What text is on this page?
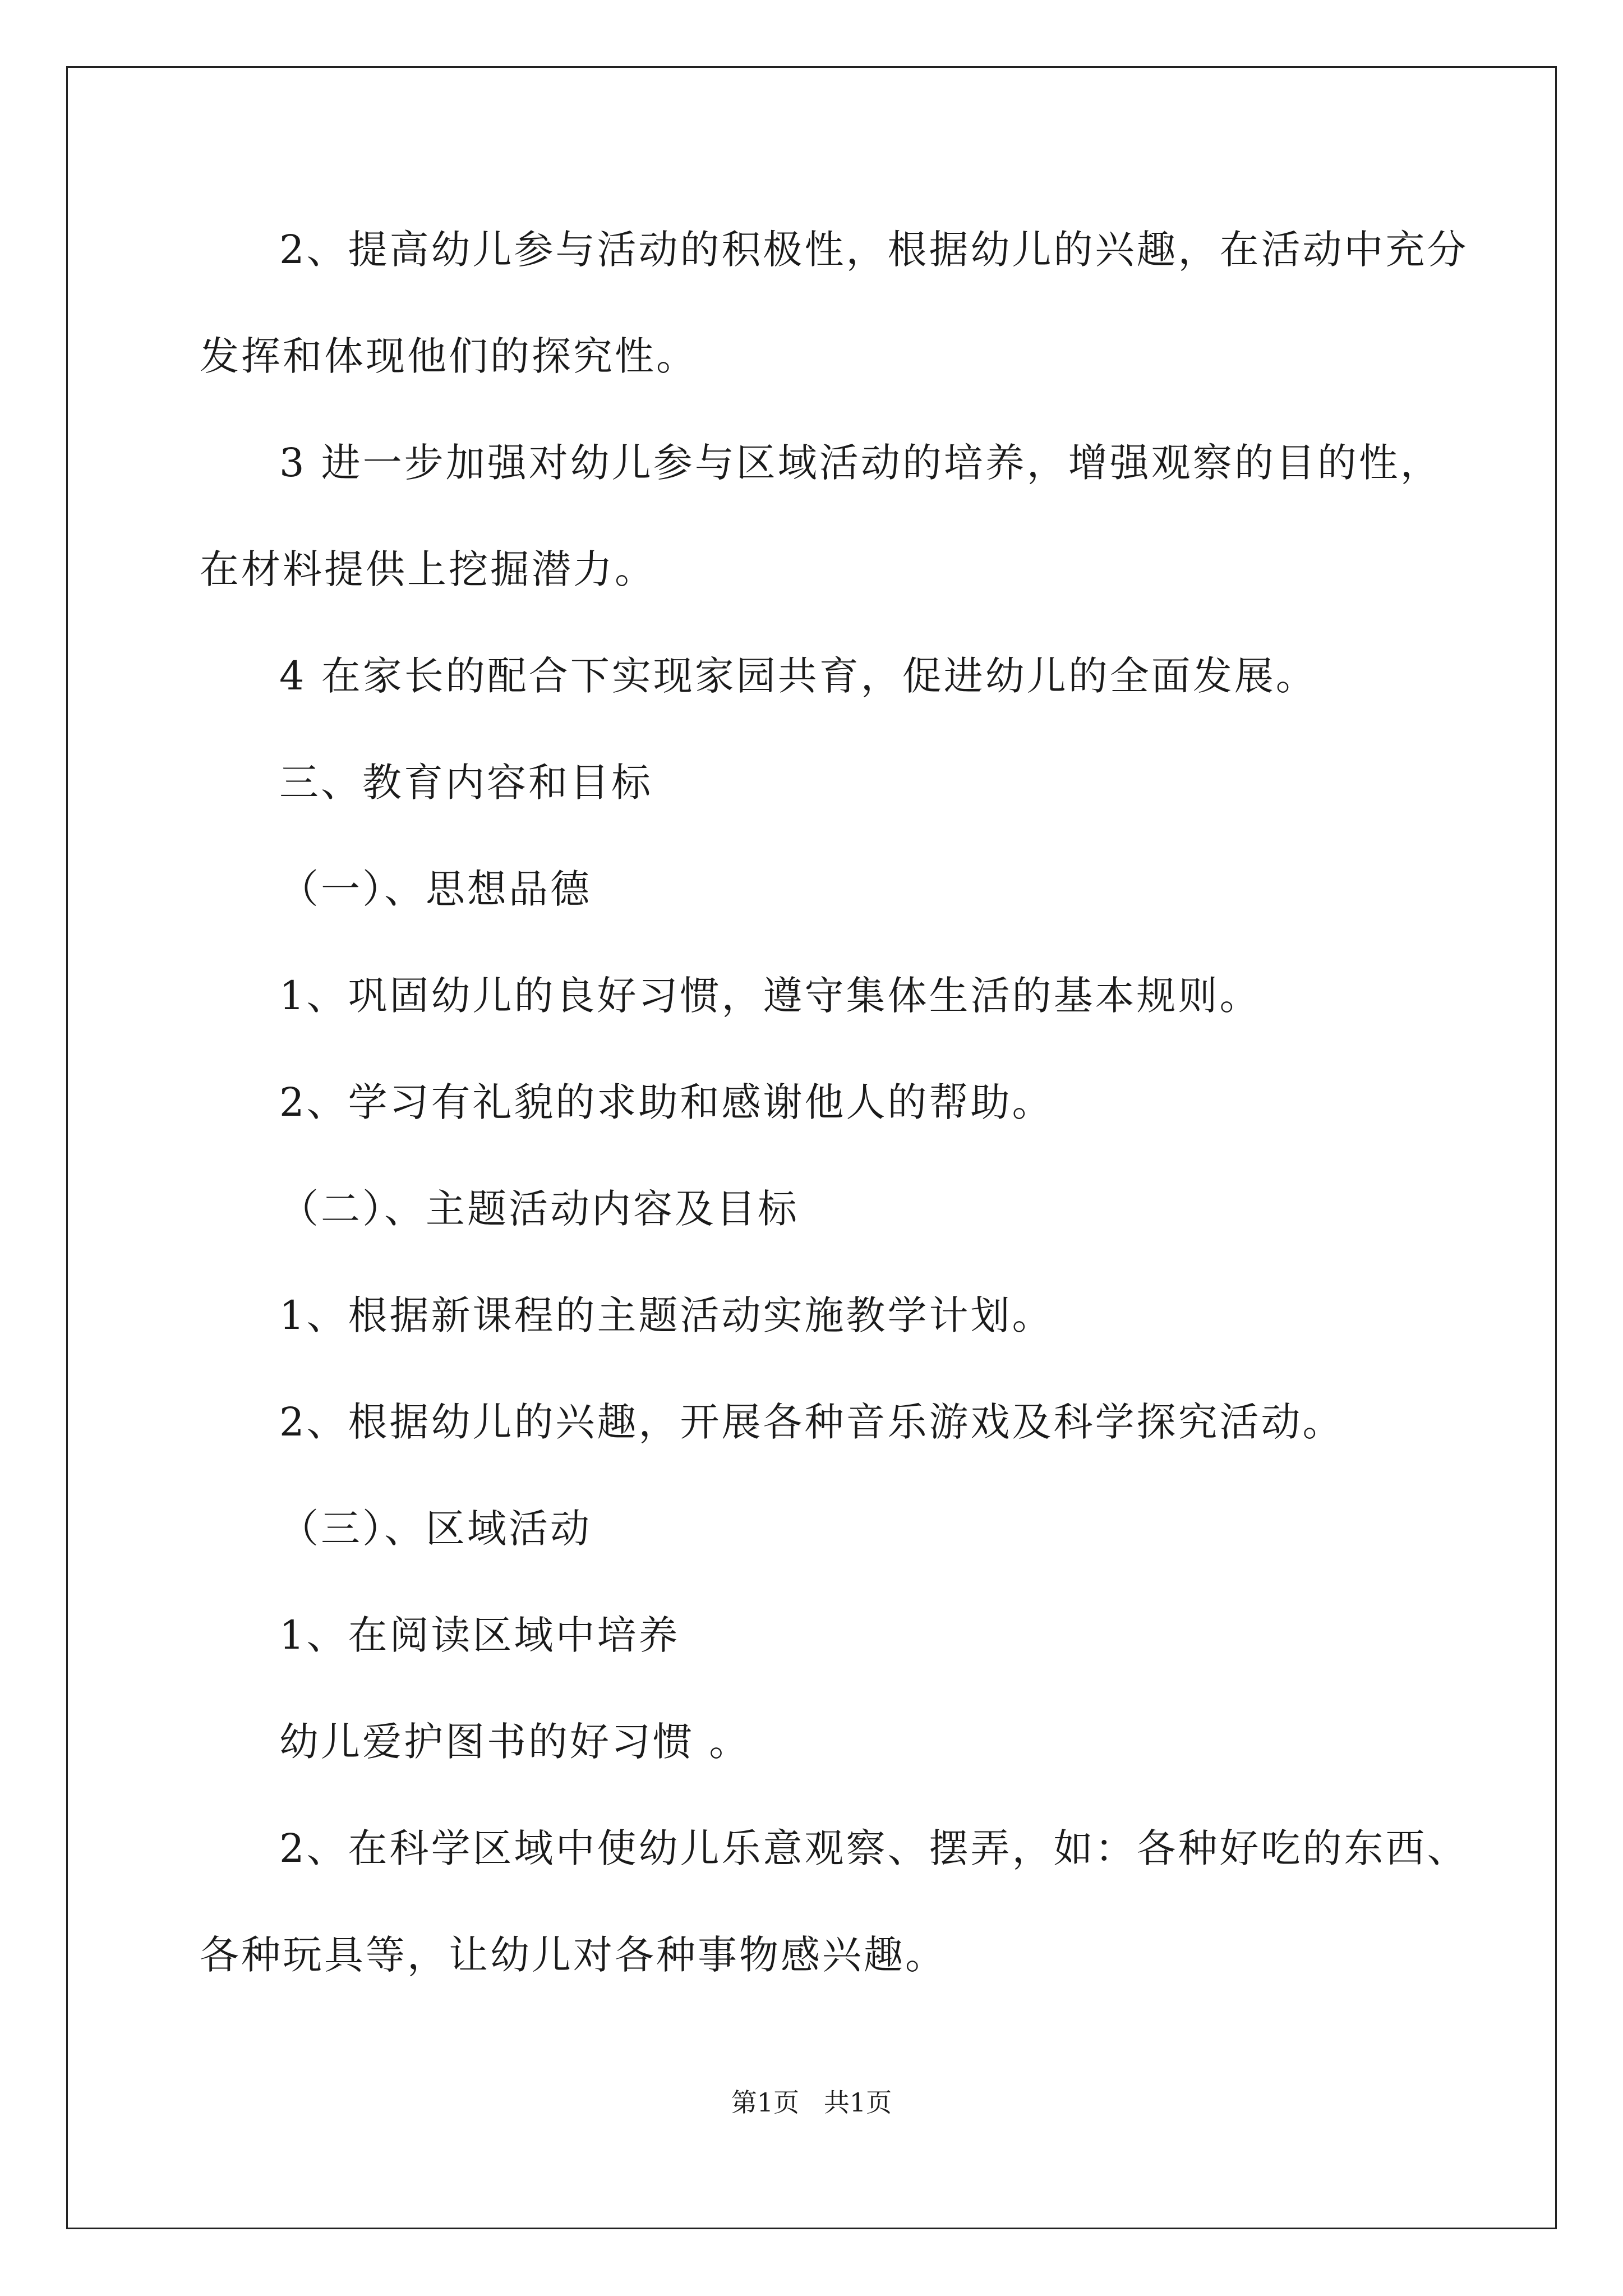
2、提高幼儿参与活动的积极性，根据幼儿的兴趣，在活动中充分
发挥和体现他们的探究性。
3 进一步加强对幼儿参与区域活动的培养，增强观察的目的性，
在材料提供上挖掘潜力。
4 在家长的配合下实现家园共育，促进幼儿的全面发展。
三、教育内容和目标
（一）、思想品德
1、巩固幼儿的良好习惯，遵守集体生活的基本规则。
2、学习有礼貌的求助和感谢他人的帮助。
（二）、主题活动内容及目标
1、根据新课程的主题活动实施教学计划。
2、根据幼儿的兴趣，开展各种音乐游戏及科学探究活动。
（三）、区域活动
1、在阅读区域中培养
幼儿爱护图书的好习惯 。
2、在科学区域中使幼儿乐意观察、摆弄，如：各种好吃的东西、
各种玩具等，让幼儿对各种事物感兴趣。
第1页   共1页
